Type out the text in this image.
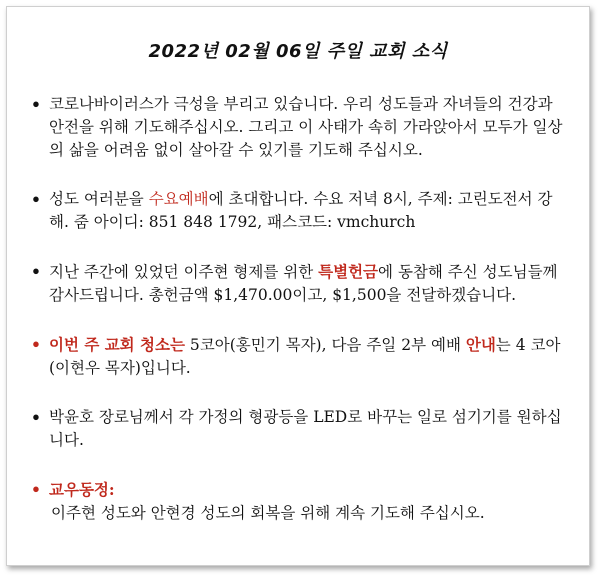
2022년 02월 06일 주일 교회 소식
• 코로나바이러스가 극성을 부리고 있습니다. 우리 성도들과 자녀들의 건강과 안전을 위해 기도해주십시오. 그리고 이 사태가 속히 가라앉아서 모두가 일상의 삶을 어려움 없이 살아갈 수 있기를 기도해 주십시오.
• 성도 여러분을 수요예배에 초대합니다. 수요 저녁 8시, 주제: 고린도전서 강해. 줌 아이디: 851 848 1792, 패스코드: vmchurch
• 지난 주간에 있었던 이주현 형제를 위한 특별헌금에 동참해 주신 성도님들께 감사드립니다. 총헌금액 $1,470.00이고, $1,500을 전달하겠습니다.
• 이번 주 교회 청소는 5코아(홍민기 목자), 다음 주일 2부 예배 안내는 4 코아(이현우 목자)입니다.
• 박윤호 장로님께서 각 가정의 형광등을 LED로 바꾸는 일로 섬기기를 원하십니다.
• 교우동정:
이주현 성도와 안현경 성도의 회복을 위해 계속 기도해 주십시오.
